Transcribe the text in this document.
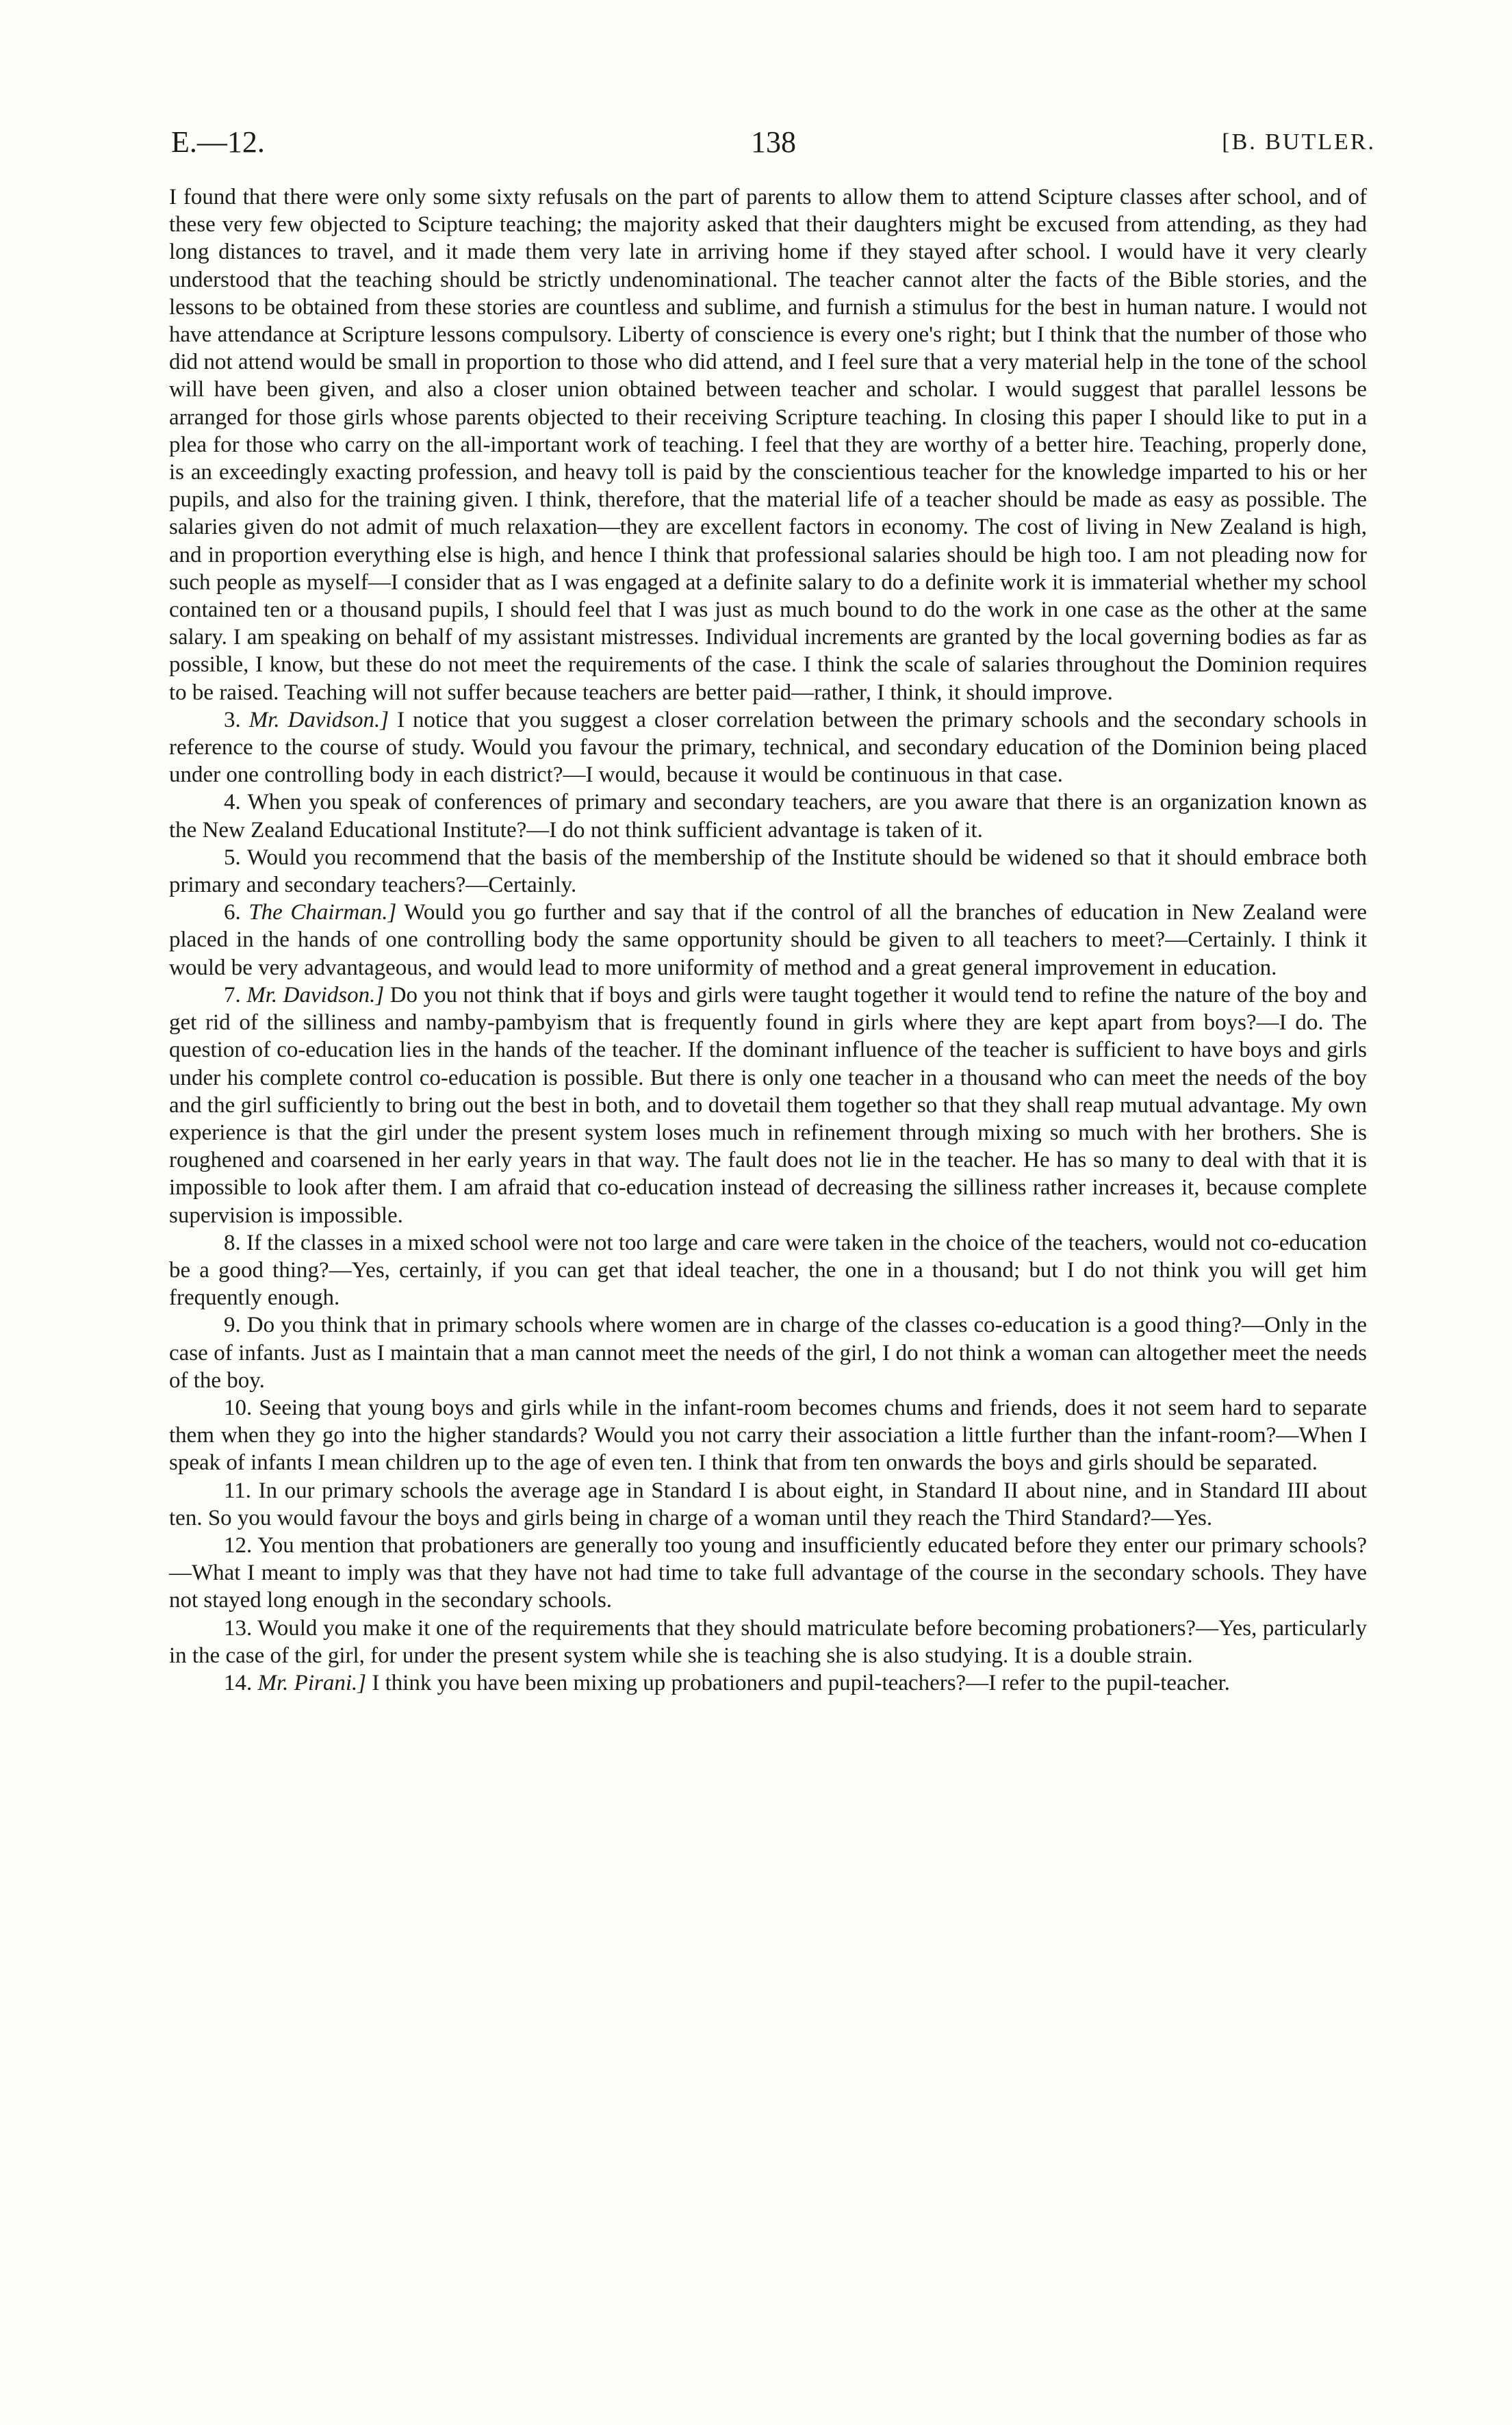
E.—12.	138	[B. BUTLER.

I found that there were only some sixty refusals on the part of parents to allow them to attend Scipture classes after school, and of these very few objected to Scipture teaching; the majority asked that their daughters might be excused from attending, as they had long distances to travel, and it made them very late in arriving home if they stayed after school. I would have it very clearly understood that the teaching should be strictly undenominational. The teacher cannot alter the facts of the Bible stories, and the lessons to be obtained from these stories are countless and sublime, and furnish a stimulus for the best in human nature. I would not have attendance at Scripture lessons compulsory. Liberty of conscience is every one's right; but I think that the number of those who did not attend would be small in proportion to those who did attend, and I feel sure that a very material help in the tone of the school will have been given, and also a closer union obtained between teacher and scholar. I would suggest that parallel lessons be arranged for those girls whose parents objected to their receiving Scripture teaching. In closing this paper I should like to put in a plea for those who carry on the all-important work of teaching. I feel that they are worthy of a better hire. Teaching, properly done, is an exceedingly exacting profession, and heavy toll is paid by the conscientious teacher for the knowledge imparted to his or her pupils, and also for the training given. I think, therefore, that the material life of a teacher should be made as easy as possible. The salaries given do not admit of much relaxation—they are excellent factors in economy. The cost of living in New Zealand is high, and in proportion everything else is high, and hence I think that professional salaries should be high too. I am not pleading now for such people as myself—I consider that as I was engaged at a definite salary to do a definite work it is immaterial whether my school contained ten or a thousand pupils, I should feel that I was just as much bound to do the work in one case as the other at the same salary. I am speaking on behalf of my assistant mistresses. Individual increments are granted by the local governing bodies as far as possible, I know, but these do not meet the requirements of the case. I think the scale of salaries throughout the Dominion requires to be raised. Teaching will not suffer because teachers are better paid—rather, I think, it should improve.

3. Mr. Davidson.] I notice that you suggest a closer correlation between the primary schools and the secondary schools in reference to the course of study. Would you favour the primary, technical, and secondary education of the Dominion being placed under one controlling body in each district?—I would, because it would be continuous in that case.

4. When you speak of conferences of primary and secondary teachers, are you aware that there is an organization known as the New Zealand Educational Institute?—I do not think sufficient advantage is taken of it.

5. Would you recommend that the basis of the membership of the Institute should be widened so that it should embrace both primary and secondary teachers?—Certainly.

6. The Chairman.] Would you go further and say that if the control of all the branches of education in New Zealand were placed in the hands of one controlling body the same opportunity should be given to all teachers to meet?—Certainly. I think it would be very advantageous, and would lead to more uniformity of method and a great general improvement in education.

7. Mr. Davidson.] Do you not think that if boys and girls were taught together it would tend to refine the nature of the boy and get rid of the silliness and namby-pambyism that is frequently found in girls where they are kept apart from boys?—I do. The question of co-education lies in the hands of the teacher. If the dominant influence of the teacher is sufficient to have boys and girls under his complete control co-education is possible. But there is only one teacher in a thousand who can meet the needs of the boy and the girl sufficiently to bring out the best in both, and to dovetail them together so that they shall reap mutual advantage. My own experience is that the girl under the present system loses much in refinement through mixing so much with her brothers. She is roughened and coarsened in her early years in that way. The fault does not lie in the teacher. He has so many to deal with that it is impossible to look after them. I am afraid that co-education instead of decreasing the silliness rather increases it, because complete supervision is impossible.

8. If the classes in a mixed school were not too large and care were taken in the choice of the teachers, would not co-education be a good thing?—Yes, certainly, if you can get that ideal teacher, the one in a thousand; but I do not think you will get him frequently enough.

9. Do you think that in primary schools where women are in charge of the classes co-education is a good thing?—Only in the case of infants. Just as I maintain that a man cannot meet the needs of the girl, I do not think a woman can altogether meet the needs of the boy.

10. Seeing that young boys and girls while in the infant-room becomes chums and friends, does it not seem hard to separate them when they go into the higher standards? Would you not carry their association a little further than the infant-room?—When I speak of infants I mean children up to the age of even ten. I think that from ten onwards the boys and girls should be separated.

11. In our primary schools the average age in Standard I is about eight, in Standard II about nine, and in Standard III about ten. So you would favour the boys and girls being in charge of a woman until they reach the Third Standard?—Yes.

12. You mention that probationers are generally too young and insufficiently educated before they enter our primary schools?—What I meant to imply was that they have not had time to take full advantage of the course in the secondary schools. They have not stayed long enough in the secondary schools.

13. Would you make it one of the requirements that they should matriculate before becoming probationers?—Yes, particularly in the case of the girl, for under the present system while she is teaching she is also studying. It is a double strain.

14. Mr. Pirani.] I think you have been mixing up probationers and pupil-teachers?—I refer to the pupil-teacher.
